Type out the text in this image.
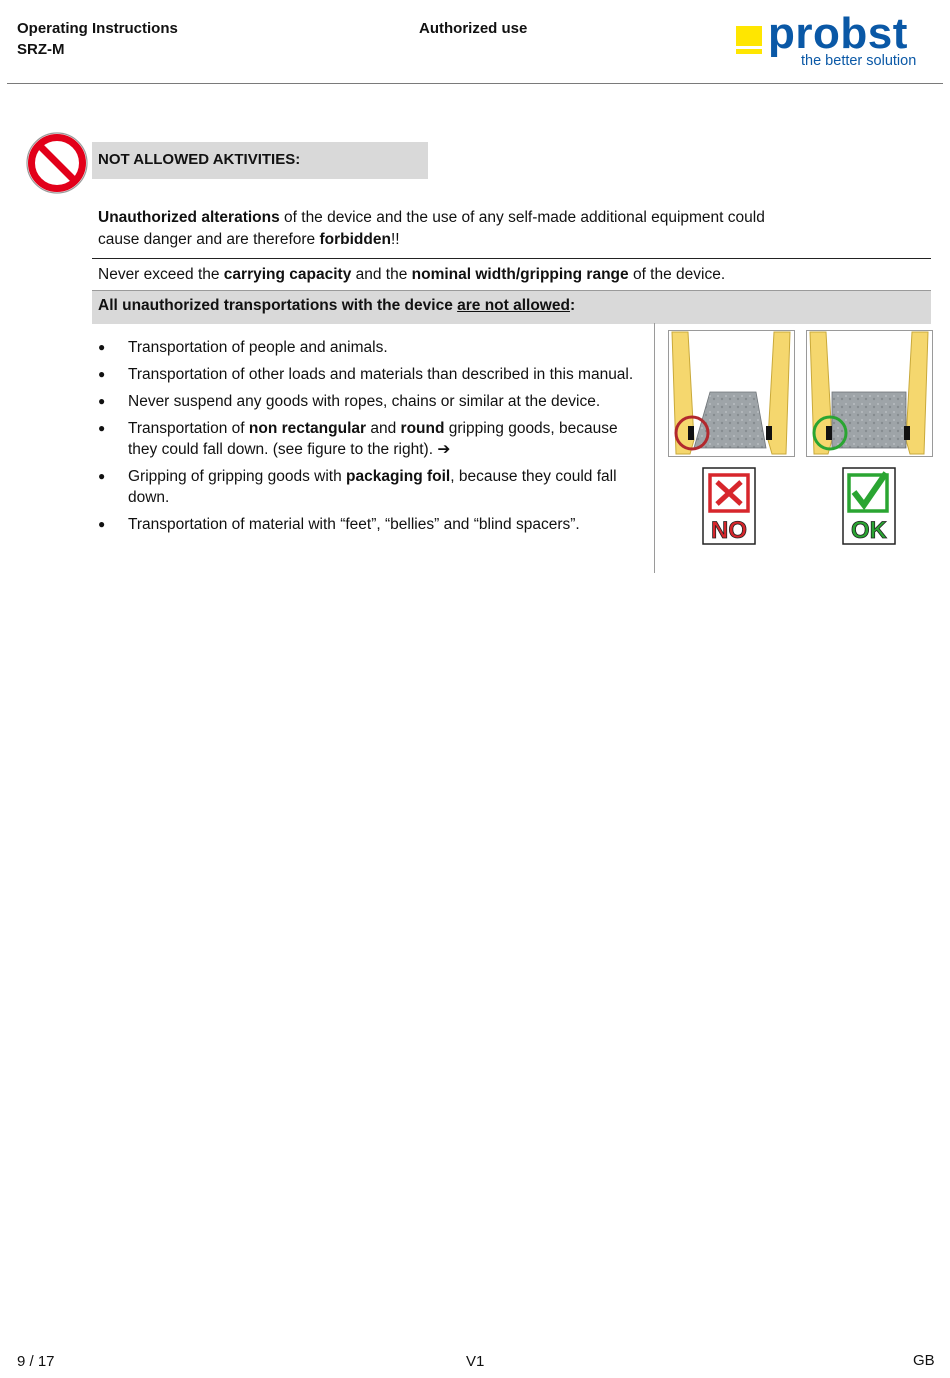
Operating Instructions
SRZ-M
Authorized use	probst
the better solution
NOT ALLOWED AKTIVITIES:
Unauthorized alterations of the device and the use of any self-made additional equipment could cause danger and are therefore forbidden!!
Never exceed the carrying capacity and the nominal width/gripping range of the device.
All unauthorized transportations with the device are not allowed:
● Transportation of people and animals.
● Transportation of other loads and materials than described in this manual.
● Never suspend any goods with ropes, chains or similar at the device.
● Transportation of non rectangular and round gripping goods, because they could fall down. (see figure to the right). ➔
● Gripping of gripping goods with packaging foil, because they could fall down.
● Transportation of material with “feet”, “bellies” and “blind spacers”.	NO	OK
9 / 17	V1	GB
